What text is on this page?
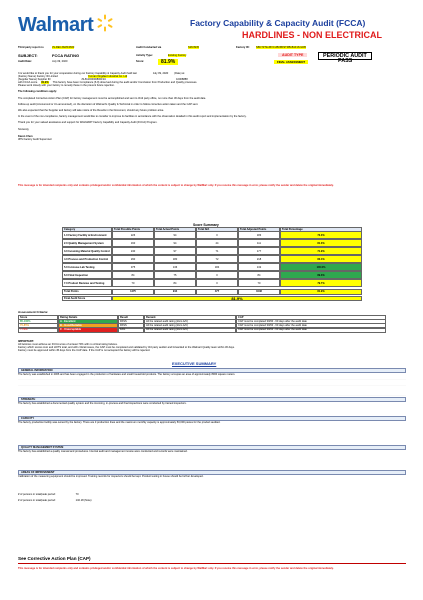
Walmart	Factory Capability & Capacity Audit (FCCA)
HARDLINES - NON ELECTRICAL
Third party report no	JS-REC-B2ZF4663	Audit Conducted via	SMUSFB	Factory ID: NBC7ZTE-IBXCUBOBF9TRB1B1F18-GDB
SUBJECT:	FCCA RATING	Activity Type:	Existing Factory	AUDIT TYPE	PERIODIC AUDIT
Audit Date:	July 09, 2020	Score:	81.9%	FINAL ASSESSMENT	PASS
It is would like to thank you for your cooperation during our Factory Capability & Capacity Audit held last	July 09, 2020 (Date) at
(Factory Name) Factory ID Limited	Yunnan Xingdao Industrial Co. Ltd
(Supplier Name) Supplier ID:	JS-B-R200008001SC	10008888
with FCCA score 81.9% This factory have been Compliance (6.9) observed during the audit and/or Conclusion from Production and Quality processes.
Please work closely with your factory to remedy these in the prevent future rejection.
The following conditions apply:
The completed Corrective Action Plan (CAP) for factory management must be accomplished and sent to third party office, no more than 30 days from the audit date.
Follow-up audit (Announced or Un-announced), on the discretion of Walmart's Quality & Technical in order to follow corrective action taken and the CAP sent.
We also expected that the Supplier and factory will take notice of the Results in the Document, should any future problem arise.
In the event of the non-compliance, factory management would like to consider to improve its facilities in accordance with the observation detailed in this audit report and implementation by the factory.
Thank you for your valued assistance and support for WALMART Factory Capability and Capacity Audit (FCCA) Program.
Sincerely,
Karen Chen
3PS Factory Audit Supervisor
This message is for intended recipients only and contains privileged and/or confidential information of which the content is subject to change by WalMart only. If you receive this message in error, please notify the sender and delete the original immediately.
Score Summary
Category	Total Possible Points	Total Actual Points	Total N/A	Total Adjusted Points	Total Percentage
1.0 Factory Facility & Environment	226	94	0	183	73.0%
2.0 Quality Management System	160	94	44	111	81.0%
3.0 Incoming Material Quality Control	240	97	71	177	71.9%
4.0 Process and Production Control	290	180	72	218	82.4%
5.0 In-House Lab Testing	375	136	184	132	100.0%
6.0 Final Inspection	84	75	0	84	89.3%
7.0 Product Reviews and Testing	70	84	0	70	79.7%
Total Points	1475	944	477	1048	81.9%
Final Audit Score	81.9%
Assessment Criteria:
Score	Rating Details	Result	Remark	CAP
85-100%	A - Excellent	PASS	All the related audit rating (Zero A/C)	CAP must be completed 30/90 - 60 days after the audit date
70-85%	B - Good/Suitable	PASS	All the related audit rating (Zero A/C)	CAP must be completed 30/60 - 60 days after the audit date
< 70%	C - Unacceptable	FAIL	All the related audit rating (Zero A/C)	CAP must be completed 30/60 - 60 days after the audit date
IMPORTANT:
All factories must achieve an FCCA score of at least 70% with no critical rating failures.
Factory which scores zero and HOTS total, and with critical issues, the CAP must be completed and validated by 3rd party auditor and forwarded to the Walmart Quality team within 30 days.
Factory must be approved within 45 days from the CAP date. If the CAP is not accepted the factory will be rejected.
EXECUTIVE SUMMARY
GENERAL INFORMATION
The factory was established in 2006 and has been engaged in the production of hardware and small household products. The factory occupies an area of approximately 8000 square meters.
STRENGTH
The factory has established a documented quality system and the incoming, in-process and final inspections were conducted by trained inspectors.
CAPACITY
The factory production facility was owned by the factory. There are 3 production lines and the maximum monthly capacity is approximately 50,000 pieces for the product audited.
QUALITY MANAGEMENT SYSTEM
The factory has established a quality manual and procedures. Internal audit and management review were conducted and records were maintained.
AREAS OF IMPROVEMENT
Calibration of the measuring equipment should be improved. Training records for inspectors should be kept. Product testing in house should be further developed.
# of persons in total/peak period:	70
# of persons in total/peak period:	132.18 (Note)
See Corrective Action Plan (CAP)
This message is for intended recipients only and contains privileged and/or confidential information of which the content is subject to change by WalMart only. If you receive this message in error, please notify the sender and delete the original immediately.
